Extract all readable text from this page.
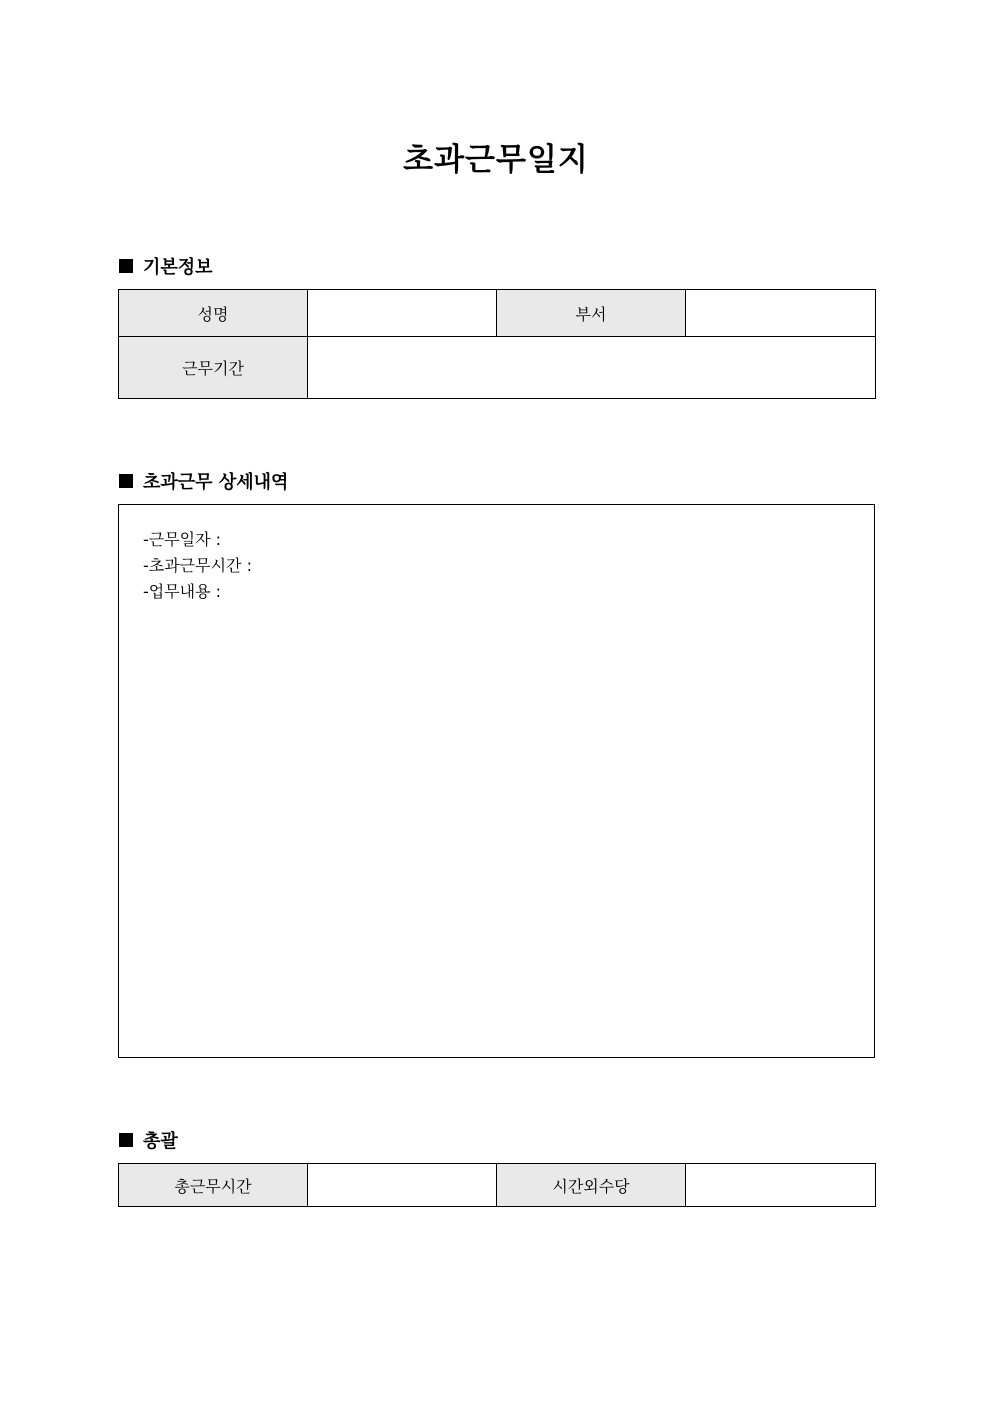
초과근무일지
기본정보
성명		부서	
근무기간			
초과근무 상세내역
-근무일자 :
-초과근무시간 :
-업무내용 :
총괄
총근무시간		시간외수당	
